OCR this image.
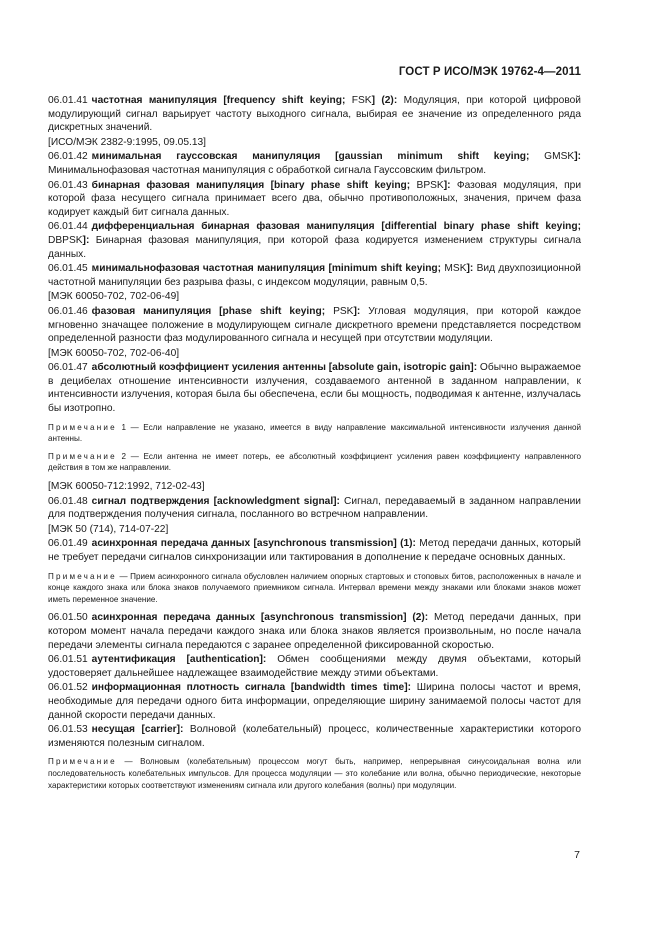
ГОСТ Р ИСО/МЭК 19762-4—2011

06.01.41 частотная манипуляция [frequency shift keying; FSK] (2): Модуляция, при которой цифровой модулирующий сигнал варьирует частоту выходного сигнала, выбирая ее значение из определенного ряда дискретных значений.

[ИСО/МЭК 2382-9:1995, 09.05.13]

06.01.42 минимальная гауссовская манипуляция [gaussian minimum shift keying; GMSK]: Минимальнофазовая частотная манипуляция с обработкой сигнала Гауссовским фильтром.

06.01.43 бинарная фазовая манипуляция [binary phase shift keying; BPSK]: Фазовая модуляция, при которой фаза несущего сигнала принимает всего два, обычно противоположных, значения, причем фаза кодирует каждый бит сигнала данных.

06.01.44 дифференциальная бинарная фазовая манипуляция [differential binary phase shift keying; DBPSK]: Бинарная фазовая манипуляция, при которой фаза кодируется изменением структуры сигнала данных.

06.01.45 минимальнофазовая частотная манипуляция [minimum shift keying; MSK]: Вид двухпозиционной частотной манипуляции без разрыва фазы, с индексом модуляции, равным 0,5.

[МЭК 60050-702, 702-06-49]

06.01.46 фазовая манипуляция [phase shift keying; PSK]: Угловая модуляция, при которой каждое мгновенно значащее положение в модулирующем сигнале дискретного времени представляется посредством определенной разности фаз модулированного сигнала и несущей при отсутствии модуляции.

[МЭК 60050-702, 702-06-40]

06.01.47 абсолютный коэффициент усиления антенны [absolute gain, isotropic gain]: Обычно выражаемое в децибелах отношение интенсивности излучения, создаваемого антенной в заданном направлении, к интенсивности излучения, которая была бы обеспечена, если бы мощность, подводимая к антенне, излучалась бы изотропно.

Примечание 1 — Если направление не указано, имеется в виду направление максимальной интенсивности излучения данной антенны.

Примечание 2 — Если антенна не имеет потерь, ее абсолютный коэффициент усиления равен коэффициенту направленного действия в том же направлении.

[МЭК 60050-712:1992, 712-02-43]

06.01.48 сигнал подтверждения [acknowledgment signal]: Сигнал, передаваемый в заданном направлении для подтверждения получения сигнала, посланного во встречном направлении.

[МЭК 50 (714), 714-07-22]

06.01.49 асинхронная передача данных [asynchronous transmission] (1): Метод передачи данных, который не требует передачи сигналов синхронизации или тактирования в дополнение к передаче основных данных.

Примечание — Прием асинхронного сигнала обусловлен наличием опорных стартовых и стоповых битов, расположенных в начале и конце каждого знака или блока знаков получаемого приемником сигнала. Интервал времени между знаками или блоками знаков может иметь переменное значение.

06.01.50 асинхронная передача данных [asynchronous transmission] (2): Метод передачи данных, при котором момент начала передачи каждого знака или блока знаков является произвольным, но после начала передачи элементы сигнала передаются с заранее определенной фиксированной скоростью.

06.01.51 аутентификация [authentication]: Обмен сообщениями между двумя объектами, который удостоверяет дальнейшее надлежащее взаимодействие между этими объектами.

06.01.52 информационная плотность сигнала [bandwidth times time]: Ширина полосы частот и время, необходимые для передачи одного бита информации, определяющие ширину занимаемой полосы частот для данной скорости передачи данных.

06.01.53 несущая [carrier]: Волновой (колебательный) процесс, количественные характеристики которого изменяются полезным сигналом.

Примечание — Волновым (колебательным) процессом могут быть, например, непрерывная синусоидальная волна или последовательность колебательных импульсов. Для процесса модуляции — это колебание или волна, обычно периодические, некоторые характеристики которых соответствуют изменениям сигнала или другого колебания (волны) при модуляции.

7
